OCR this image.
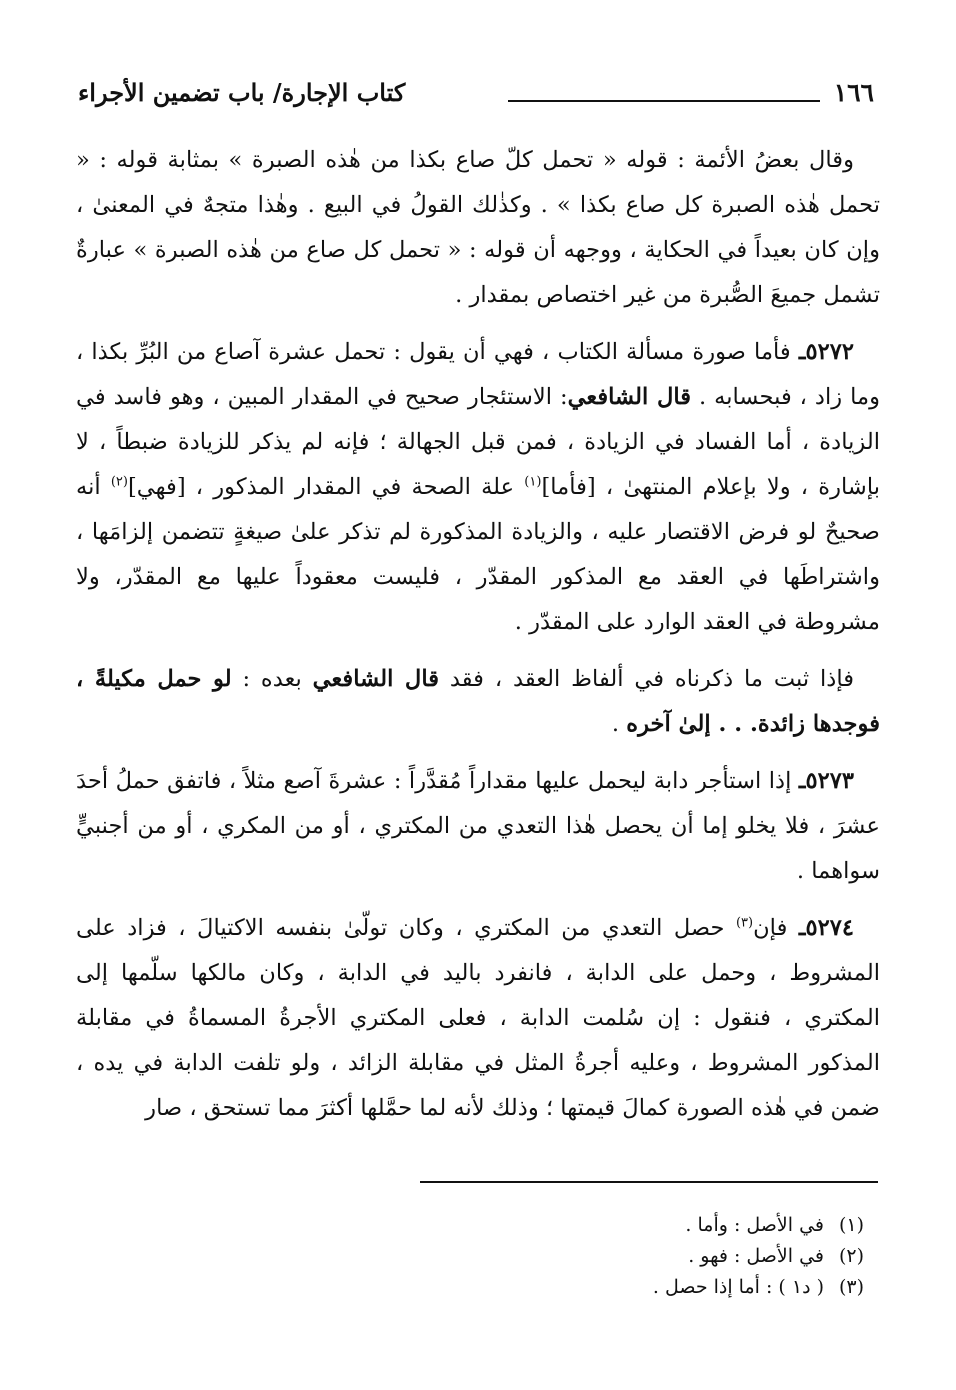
١٦٦
كتاب الإجارة/ باب تضمين الأجراء

وقال بعضُ الأئمة : قوله « تحمل كلّ صاع بكذا من هٰذه الصبرة » بمثابة قوله : « تحمل هٰذه الصبرة كل صاع بكذا » . وكذٰلك القولُ في البيع . وهٰذا متجهٌ في المعنىٰ ، وإن كان بعيداً في الحكاية ، ووجهه أن قوله : « تحمل كل صاع من هٰذه الصبرة » عبارةٌ تشمل جميعَ الصُّبرة من غير اختصاص بمقدار .

٥٢٧٢ـ فأما صورة مسألة الكتاب ، فهي أن يقول : تحمل عشرة آصاع من البُرِّ بكذا ، وما زاد ، فبحسابه . قال الشافعي: الاستئجار صحيح في المقدار المبين ، وهو فاسد في الزيادة ، أما الفساد في الزيادة ، فمن قبل الجهالة ؛ فإنه لم يذكر للزيادة ضبطاً ، لا بإشارة ، ولا بإعلام المنتهىٰ ، [فأما]$^{(١)}$ علة الصحة في المقدار المذكور ، [فهي]$^{(٢)}$ أنه صحيحٌ لو فرض الاقتصار عليه ، والزيادة المذكورة لم تذكر علىٰ صيغةٍ تتضمن إلزامَها ، واشتراطَها في العقد مع المذكور المقدّر ، فليست معقوداً عليها مع المقدّر، ولا مشروطة في العقد الوارد على المقدّر .

فإذا ثبت ما ذكرناه في ألفاظ العقد ، فقد قال الشافعي بعده : لو حمل مكيلةً ، فوجدها زائدة. . . إلىٰ آخره .

٥٢٧٣ـ إذا استأجر دابة ليحمل عليها مقداراً مُقدَّراً : عشرةَ آصع مثلاً ، فاتفق حملُ أحدَ عشرَ ، فلا يخلو إما أن يحصل هٰذا التعدي من المكتري ، أو من المكري ، أو من أجنبيٍّ سواهما .

٥٢٧٤ـ فإن$^{(٣)}$ حصل التعدي من المكتري ، وكان تولّىٰ بنفسه الاكتيالَ ، فزاد على المشروط ، وحمل على الدابة ، فانفرد باليد في الدابة ، وكان مالكها سلّمها إلى المكتري ، فنقول : إن سُلمت الدابة ، فعلى المكتري الأجرةُ المسماةُ في مقابلة المذكور المشروط ، وعليه أجرةُ المثل في مقابلة الزائد ، ولو تلفت الدابة في يده ، ضمن في هٰذه الصورة كمالَ قيمتها ؛ وذلك لأنه لما حمَّلها أكثرَ مما تستحق ، صار

(١)في الأصل : وأما .
(٢)في الأصل : فهو .
(٣)( د١ ) : أما إذا حصل .
